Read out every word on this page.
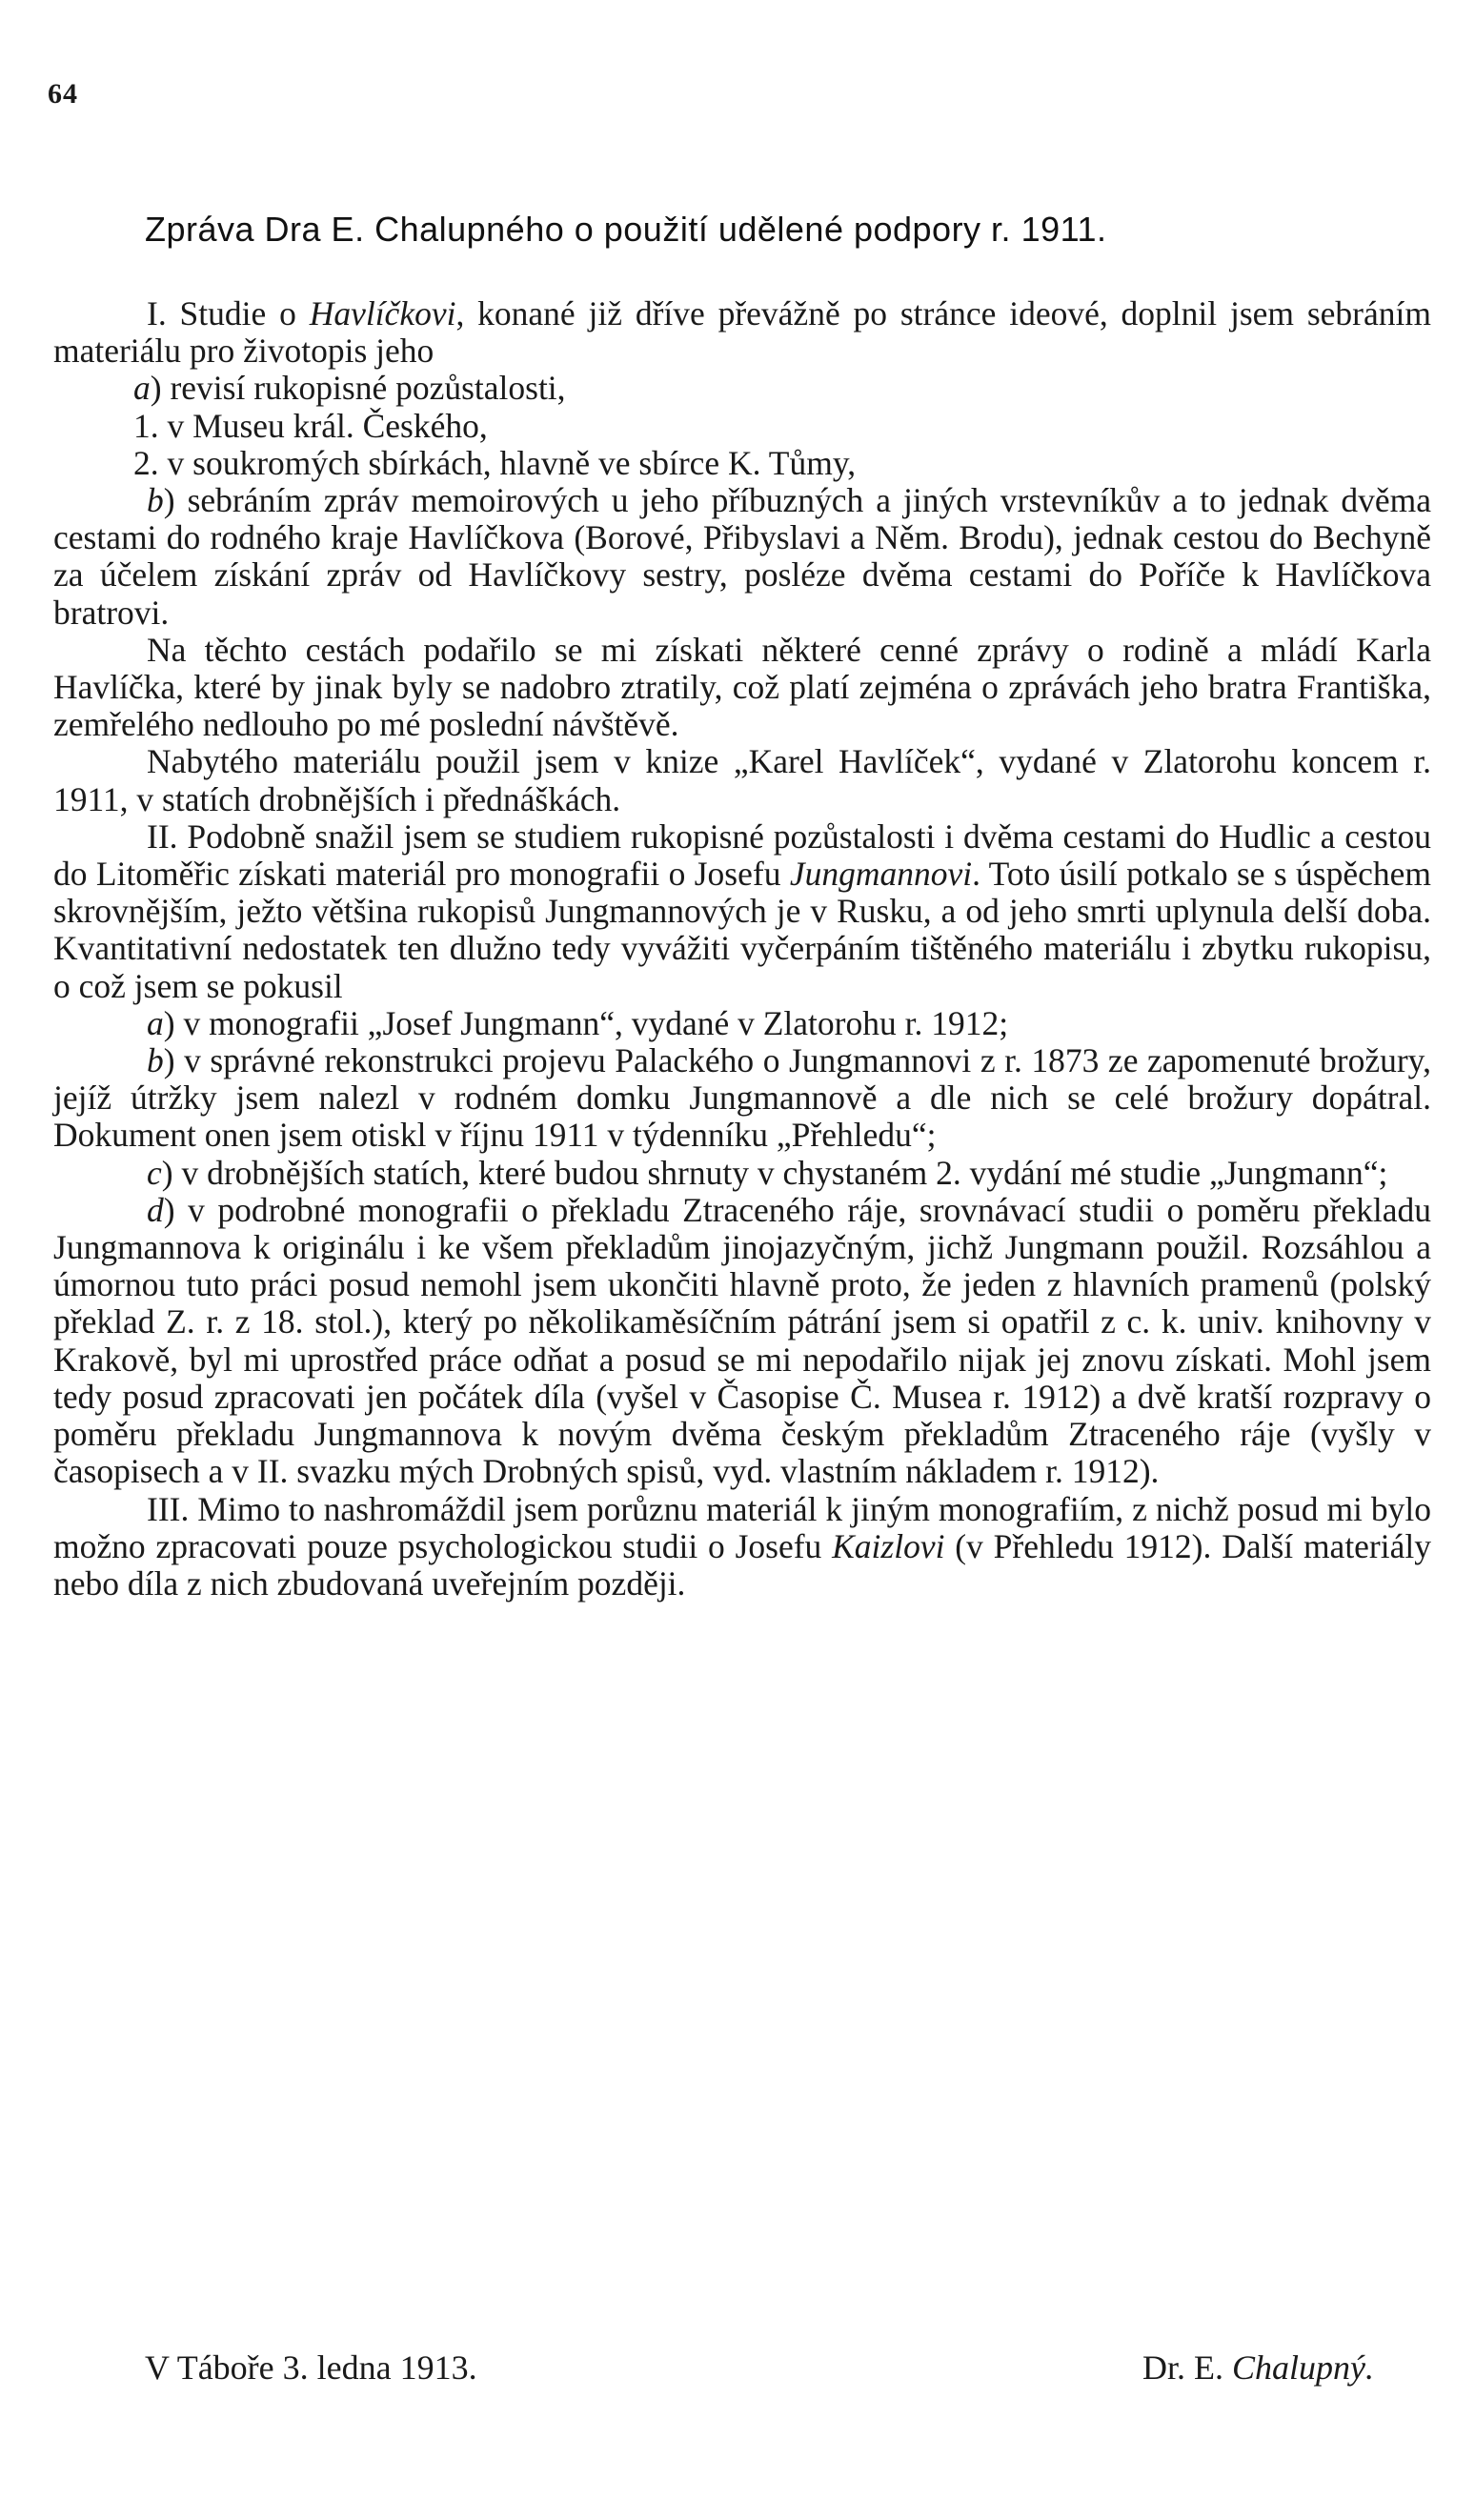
64
Zpráva Dra E. Chalupného o použití udělené podpory r. 1911.

I. Studie o Havlíčkovi, konané již dříve převážně po stránce ideové, doplnil jsem sebráním materiálu pro životopis jeho

a) revisí rukopisné pozůstalosti,

1. v Museu král. Českého,

2. v soukromých sbírkách, hlavně ve sbírce K. Tůmy,

b) sebráním zpráv memoirových u jeho příbuzných a jiných vrstevníkův a to jednak dvěma cestami do rodného kraje Havlíčkova (Borové, Přibyslavi a Něm. Brodu), jednak cestou do Bechyně za účelem získání zpráv od Havlíčkovy sestry, posléze dvěma cestami do Poříče k Havlíčkova bratrovi.

Na těchto cestách podařilo se mi získati některé cenné zprávy o rodině a mládí Karla Havlíčka, které by jinak byly se nadobro ztratily, což platí zejména o zprávách jeho bratra Františka, zemřelého nedlouho po mé poslední návštěvě.

Nabytého materiálu použil jsem v knize „Karel Havlíček“, vydané v Zlatorohu koncem r. 1911, v statích drobnějších i přednáškách.

II. Podobně snažil jsem se studiem rukopisné pozůstalosti i dvěma cestami do Hudlic a cestou do Litoměřic získati materiál pro monografii o Josefu Jungmannovi. Toto úsilí potkalo se s úspěchem skrovnějším, ježto většina rukopisů Jungmannových je v Rusku, a od jeho smrti uplynula delší doba. Kvantitativní nedostatek ten dlužno tedy vyvážiti vyčerpáním tištěného materiálu i zbytku rukopisu, o což jsem se pokusil

a) v monografii „Josef Jungmann“, vydané v Zlatorohu r. 1912;

b) v správné rekonstrukci projevu Palackého o Jungmannovi z r. 1873 ze zapomenuté brožury, jejíž útržky jsem nalezl v rodném domku Jungmannově a dle nich se celé brožury dopátral. Dokument onen jsem otiskl v říjnu 1911 v týdenníku „Přehledu“;

c) v drobnějších statích, které budou shrnuty v chystaném 2. vydání mé studie „Jungmann“;

d) v podrobné monografii o překladu Ztraceného ráje, srovnávací studii o poměru překladu Jungmannova k originálu i ke všem překladům jinojazyčným, jichž Jungmann použil. Rozsáhlou a úmornou tuto práci posud nemohl jsem ukončiti hlavně proto, že jeden z hlavních pramenů (polský překlad Z. r. z 18. stol.), který po několikaměsíčním pátrání jsem si opatřil z c. k. univ. knihovny v Krakově, byl mi uprostřed práce odňat a posud se mi nepodařilo nijak jej znovu získati. Mohl jsem tedy posud zpracovati jen počátek díla (vyšel v Časopise Č. Musea r. 1912) a dvě kratší rozpravy o poměru překladu Jungmannova k novým dvěma českým překladům Ztraceného ráje (vyšly v časopisech a v II. svazku mých Drobných spisů, vyd. vlastním nákladem r. 1912).

III. Mimo to nashromáždil jsem porůznu materiál k jiným monografiím, z nichž posud mi bylo možno zpracovati pouze psychologickou studii o Josefu Kaizlovi (v Přehledu 1912). Další materiály nebo díla z nich zbudovaná uveřejním později.

V Táboře 3. ledna 1913.	Dr. E. Chalupný.
